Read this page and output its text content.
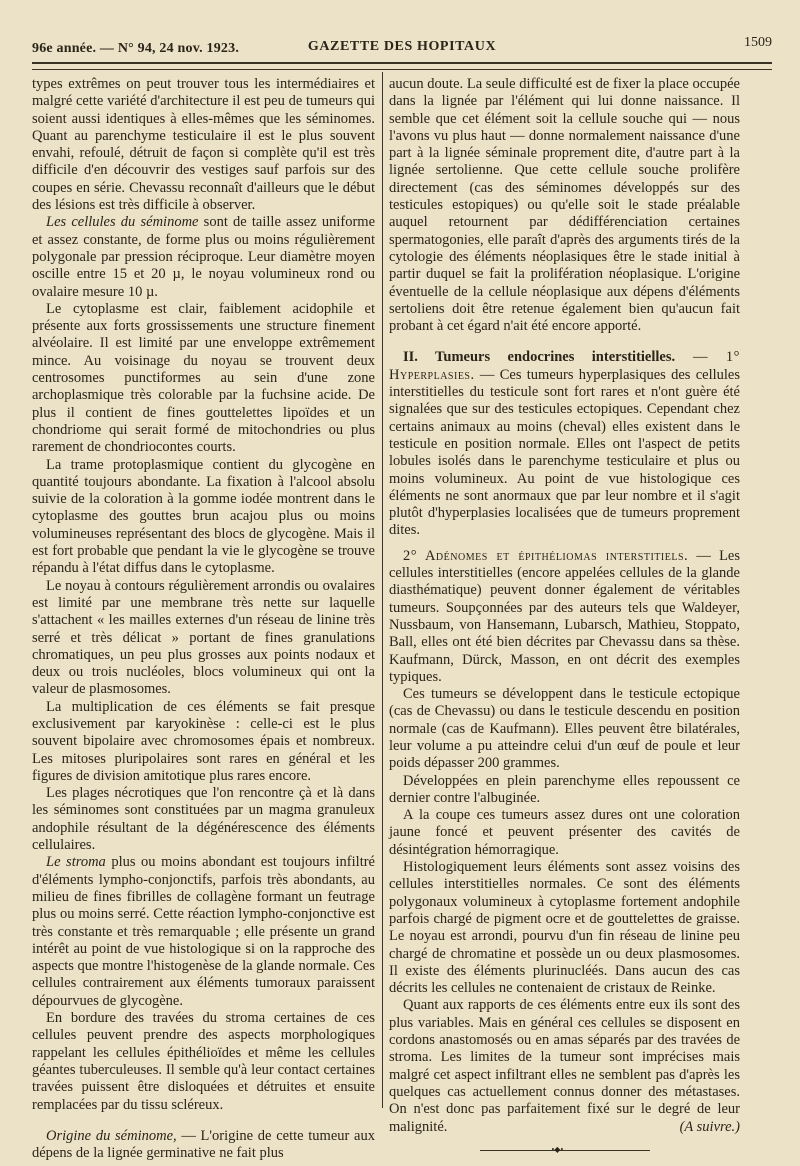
96e année. — N° 94, 24 nov. 1923.	GAZETTE DES HOPITAUX	1509

types extrêmes on peut trouver tous les intermédiaires et malgré cette variété d'architecture il est peu de tumeurs qui soient aussi identiques à elles-mêmes que les séminomes. Quant au parenchyme testiculaire il est le plus souvent envahi, refoulé, détruit de façon si complète qu'il est très difficile d'en découvrir des vestiges sauf parfois sur des coupes en série. Chevassu reconnaît d'ailleurs que le début des lésions est très difficile à observer.

Les cellules du séminome sont de taille assez uniforme et assez constante, de forme plus ou moins régulièrement polygonale par pression réciproque. Leur diamètre moyen oscille entre 15 et 20 µ, le noyau volumineux rond ou ovalaire mesure 10 µ.

Le cytoplasme est clair, faiblement acidophile et présente aux forts grossissements une structure finement alvéolaire. Il est limité par une enveloppe extrêmement mince. Au voisinage du noyau se trouvent deux centrosomes punctiformes au sein d'une zone archoplasmique très colorable par la fuchsine acide. De plus il contient de fines gouttelettes lipoïdes et un chondriome qui serait formé de mitochondries ou plus rarement de chondriocontes courts.

La trame protoplasmique contient du glycogène en quantité toujours abondante. La fixation à l'alcool absolu suivie de la coloration à la gomme iodée montrent dans le cytoplasme des gouttes brun acajou plus ou moins volumineuses représentant des blocs de glycogène. Mais il est fort probable que pendant la vie le glycogène se trouve répandu à l'état diffus dans le cytoplasme.

Le noyau à contours régulièrement arrondis ou ovalaires est limité par une membrane très nette sur laquelle s'attachent « les mailles externes d'un réseau de linine très serré et très délicat » portant de fines granulations chromatiques, un peu plus grosses aux points nodaux et deux ou trois nucléoles, blocs volumineux qui ont la valeur de plasmosomes.

La multiplication de ces éléments se fait presque exclusivement par karyokinèse : celle-ci est le plus souvent bipolaire avec chromosomes épais et nombreux. Les mitoses pluripolaires sont rares en général et les figures de division amitotique plus rares encore.

Les plages nécrotiques que l'on rencontre çà et là dans les séminomes sont constituées par un magma granuleux andophile résultant de la dégénérescence des éléments cellulaires.

Le stroma plus ou moins abondant est toujours infiltré d'éléments lympho-conjonctifs, parfois très abondants, au milieu de fines fibrilles de collagène formant un feutrage plus ou moins serré. Cette réaction lympho-conjonctive est très constante et très remarquable ; elle présente un grand intérêt au point de vue histologique si on la rapproche des aspects que montre l'histogenèse de la glande normale. Ces cellules contrairement aux éléments tumoraux paraissent dépourvues de glycogène.

En bordure des travées du stroma certaines de ces cellules peuvent prendre des aspects morphologiques rappelant les cellules épithélioïdes et même les cellules géantes tuberculeuses. Il semble qu'à leur contact certaines travées puissent être disloquées et détruites et ensuite remplacées par du tissu scléreux.

Origine du séminome, — L'origine de cette tumeur aux dépens de la lignée germinative ne fait plus

aucun doute. La seule difficulté est de fixer la place occupée dans la lignée par l'élément qui lui donne naissance. Il semble que cet élément soit la cellule souche qui — nous l'avons vu plus haut — donne normalement naissance d'une part à la lignée séminale proprement dite, d'autre part à la lignée sertolienne. Que cette cellule souche prolifère directement (cas des séminomes développés sur des testicules estopiques) ou qu'elle soit le stade préalable auquel retournent par dédifférenciation certaines spermatogonies, elle paraît d'après des arguments tirés de la cytologie des éléments néoplasiques être le stade initial à partir duquel se fait la prolifération néoplasique. L'origine éventuelle de la cellule néoplasique aux dépens d'éléments sertoliens doit être retenue également bien qu'aucun fait probant à cet égard n'ait été encore apporté.

II. Tumeurs endocrines interstitielles. — 1° Hyperplasies. — Ces tumeurs hyperplasiques des cellules interstitielles du testicule sont fort rares et n'ont guère été signalées que sur des testicules ectopiques. Cependant chez certains animaux au moins (cheval) elles existent dans le testicule en position normale. Elles ont l'aspect de petits lobules isolés dans le parenchyme testiculaire et plus ou moins volumineux. Au point de vue histologique ces éléments ne sont anormaux que par leur nombre et il s'agit plutôt d'hyperplasies localisées que de tumeurs proprement dites.

2° Adénomes et épithéliomas interstitiels. — Les cellules interstitielles (encore appelées cellules de la glande diasthématique) peuvent donner également de véritables tumeurs. Soupçonnées par des auteurs tels que Waldeyer, Nussbaum, von Hansemann, Lubarsch, Mathieu, Stoppato, Ball, elles ont été bien décrites par Chevassu dans sa thèse. Kaufmann, Dürck, Masson, en ont décrit des exemples typiques.

Ces tumeurs se développent dans le testicule ectopique (cas de Chevassu) ou dans le testicule descendu en position normale (cas de Kaufmann). Elles peuvent être bilatérales, leur volume a pu atteindre celui d'un œuf de poule et leur poids dépasser 200 grammes.

Développées en plein parenchyme elles repoussent ce dernier contre l'albuginée.

A la coupe ces tumeurs assez dures ont une coloration jaune foncé et peuvent présenter des cavités de désintégration hémorragique.

Histologiquement leurs éléments sont assez voisins des cellules interstitielles normales. Ce sont des éléments polygonaux volumineux à cytoplasme fortement andophile parfois chargé de pigment ocre et de gouttelettes de graisse. Le noyau est arrondi, pourvu d'un fin réseau de linine peu chargé de chromatine et possède un ou deux plasmosomes. Il existe des éléments plurinucléés. Dans aucun des cas décrits les cellules ne contenaient de cristaux de Reinke.

Quant aux rapports de ces éléments entre eux ils sont des plus variables. Mais en général ces cellules se disposent en cordons anastomosés ou en amas séparés par des travées de stroma. Les limites de la tumeur sont imprécises mais malgré cet aspect infiltrant elles ne semblent pas d'après les quelques cas actuellement connus donner des métastases. On n'est donc pas parfaitement fixé sur le degré de leur malignité.	(A suivre.)

•◆•
